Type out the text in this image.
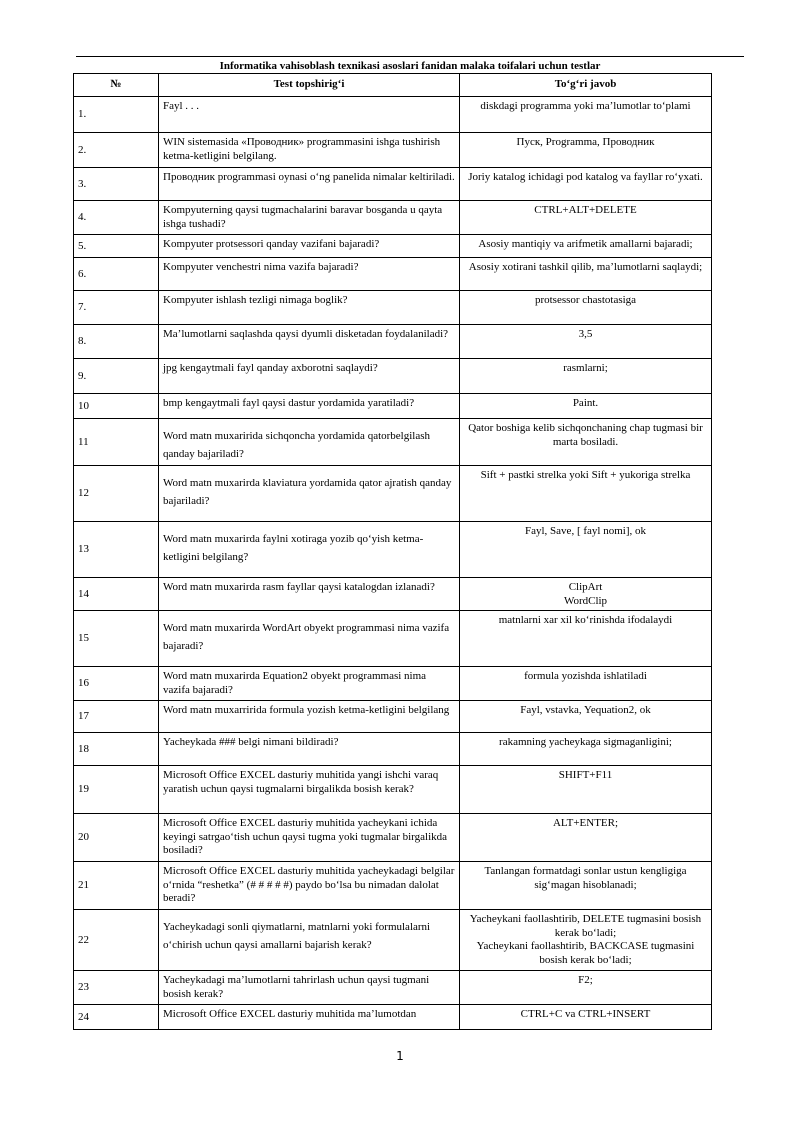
Informatika vahisoblash texnikasi asoslari fanidan malaka toifalari uchun testlar
№	Test topshirig‘i	To‘g‘ri javob
1.	Fayl . . .	diskdagi programma yoki ma’lumotlar to‘plami
2.	WIN sistemasida «Проводник» programmasini ishga tushirish ketma-ketligini belgilang.	Пуск, Programma, Проводник
3.	Проводник programmasi oynasi o‘ng panelida nimalar keltiriladi.	Joriy katalog ichidagi pod katalog va fayllar ro‘yxati.
4.	Kompyuterning qaysi tugmachalarini baravar bosganda u qayta ishga tushadi?	CTRL+ALT+DELETE
5.	Kompyuter protsessori qanday vazifani bajaradi?	Asosiy mantiqiy va arifmetik amallarni bajaradi;
6.	Kompyuter venchestri nima vazifa bajaradi?	Asosiy xotirani tashkil qilib, ma’lumotlarni saqlaydi;
7.	Kompyuter ishlash tezligi nimaga boglik?	protsessor chastotasiga
8.	Ma’lumotlarni saqlashda qaysi dyumli disketadan foydalaniladi?	3,5
9.	jpg kengaytmali fayl qanday axborotni saqlaydi?	rasmlarni;
10	bmp kengaytmali fayl qaysi dastur yordamida yaratiladi?	Paint.
11	Word matn muxaririda sichqoncha yordamida qatorbelgilash qanday bajariladi?	Qator boshiga kelib sichqonchaning chap tugmasi bir marta bosiladi.
12	Word matn muxarirda klaviatura yordamida qator ajratish qanday bajariladi?	Sift + pastki strelka yoki Sift + yukoriga strelka
13	Word matn muxarirda faylni xotiraga yozib qo‘yish ketma-ketligini belgilang?	Fayl, Save, [ fayl nomi], ok
14	Word matn muxarirda rasm fayllar qaysi katalogdan izlanadi?	ClipArt
WordClip
15	Word matn muxarirda WordArt obyekt programmasi nima vazifa bajaradi?	matnlarni xar xil ko‘rinishda ifodalaydi
16	Word matn muxarirda Equation2 obyekt programmasi nima vazifa bajaradi?	formula yozishda ishlatiladi
17	Word matn muxarririda formula yozish ketma-ketligini belgilang	Fayl, vstavka, Yequation2, ok
18	Yacheykada ### belgi nimani bildiradi?	rakamning yacheykaga sigmaganligini;
19	Microsoft Office EXCEL dasturiy muhitida yangi ishchi varaq yaratish uchun qaysi tugmalarni birgalikda bosish kerak?	SHIFT+F11
20	Microsoft Office EXCEL dasturiy muhitida yacheykani ichida keyingi satrgao‘tish uchun qaysi tugma yoki tugmalar birgalikda bosiladi?	ALT+ENTER;
21	Microsoft Office EXCEL dasturiy muhitida yacheykadagi belgilar o‘rnida “reshetka” (# # # # #) paydo bo‘lsa bu nimadan dalolat beradi?	Tanlangan formatdagi sonlar ustun kengligiga sig‘magan hisoblanadi;
22	Yacheykadagi sonli qiymatlarni, matnlarni yoki formulalarni o‘chirish uchun qaysi amallarni bajarish kerak?	Yacheykani faollashtirib, DELETE tugmasini bosish kerak bo‘ladi;
Yacheykani faollashtirib, BACKCASE tugmasini bosish kerak bo‘ladi;
23	Yacheykadagi ma’lumotlarni tahrirlash uchun qaysi tugmani bosish kerak?	F2;
24	Microsoft Office EXCEL dasturiy muhitida ma’lumotdan	CTRL+C va CTRL+INSERT
1
